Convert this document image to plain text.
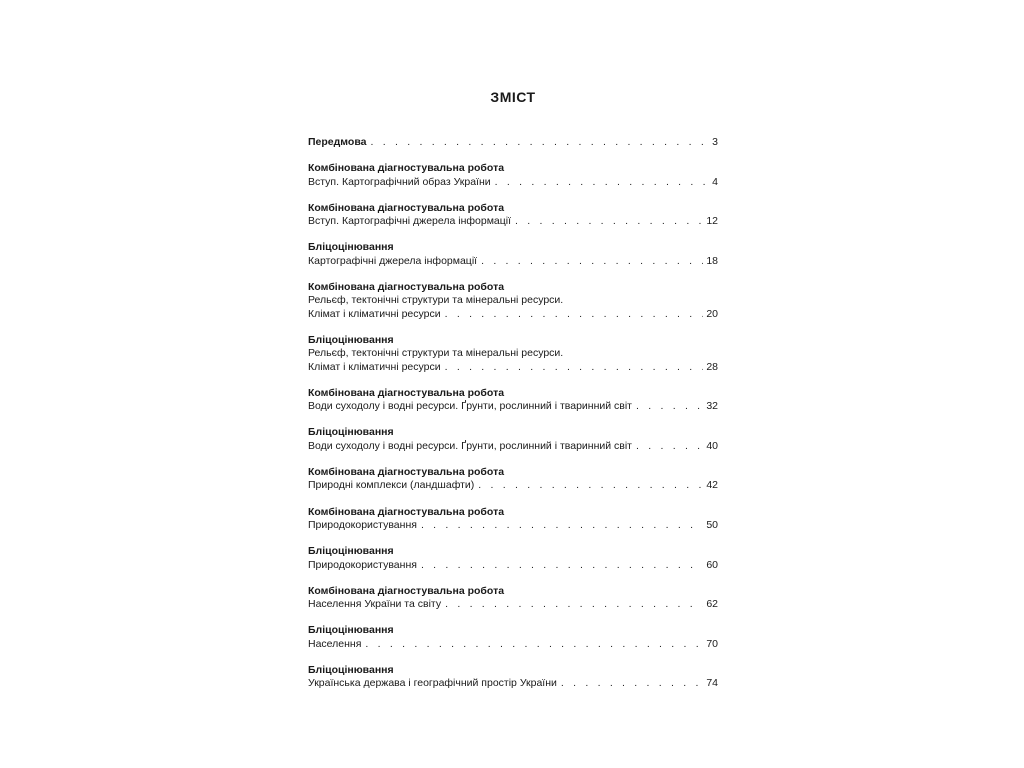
ЗМІСТ
Передмова . . .	3
Комбінована діагностувальна робота
Вступ. Картографічний образ України . . .	4
Комбінована діагностувальна робота
Вступ. Картографічні джерела інформації . . .	12
Бліцоцінювання
Картографічні джерела інформації . . .	18
Комбінована діагностувальна робота
Рельєф, тектонічні структури та мінеральні ресурси.
Клімат і кліматичні ресурси . . .	20
Бліцоцінювання
Рельєф, тектонічні структури та мінеральні ресурси.
Клімат і кліматичні ресурси . . .	28
Комбінована діагностувальна робота
Води суходолу і водні ресурси. Ґрунти, рослинний і тваринний світ . . .	32
Бліцоцінювання
Води суходолу і водні ресурси. Ґрунти, рослинний і тваринний світ . . .	40
Комбінована діагностувальна робота
Природні комплекси (ландшафти) . . .	42
Комбінована діагностувальна робота
Природокористування . . .	50
Бліцоцінювання
Природокористування . . .	60
Комбінована діагностувальна робота
Населення України та світу . . .	62
Бліцоцінювання
Населення . . .	70
Бліцоцінювання
Українська держава і географічний простір України . . .	74
